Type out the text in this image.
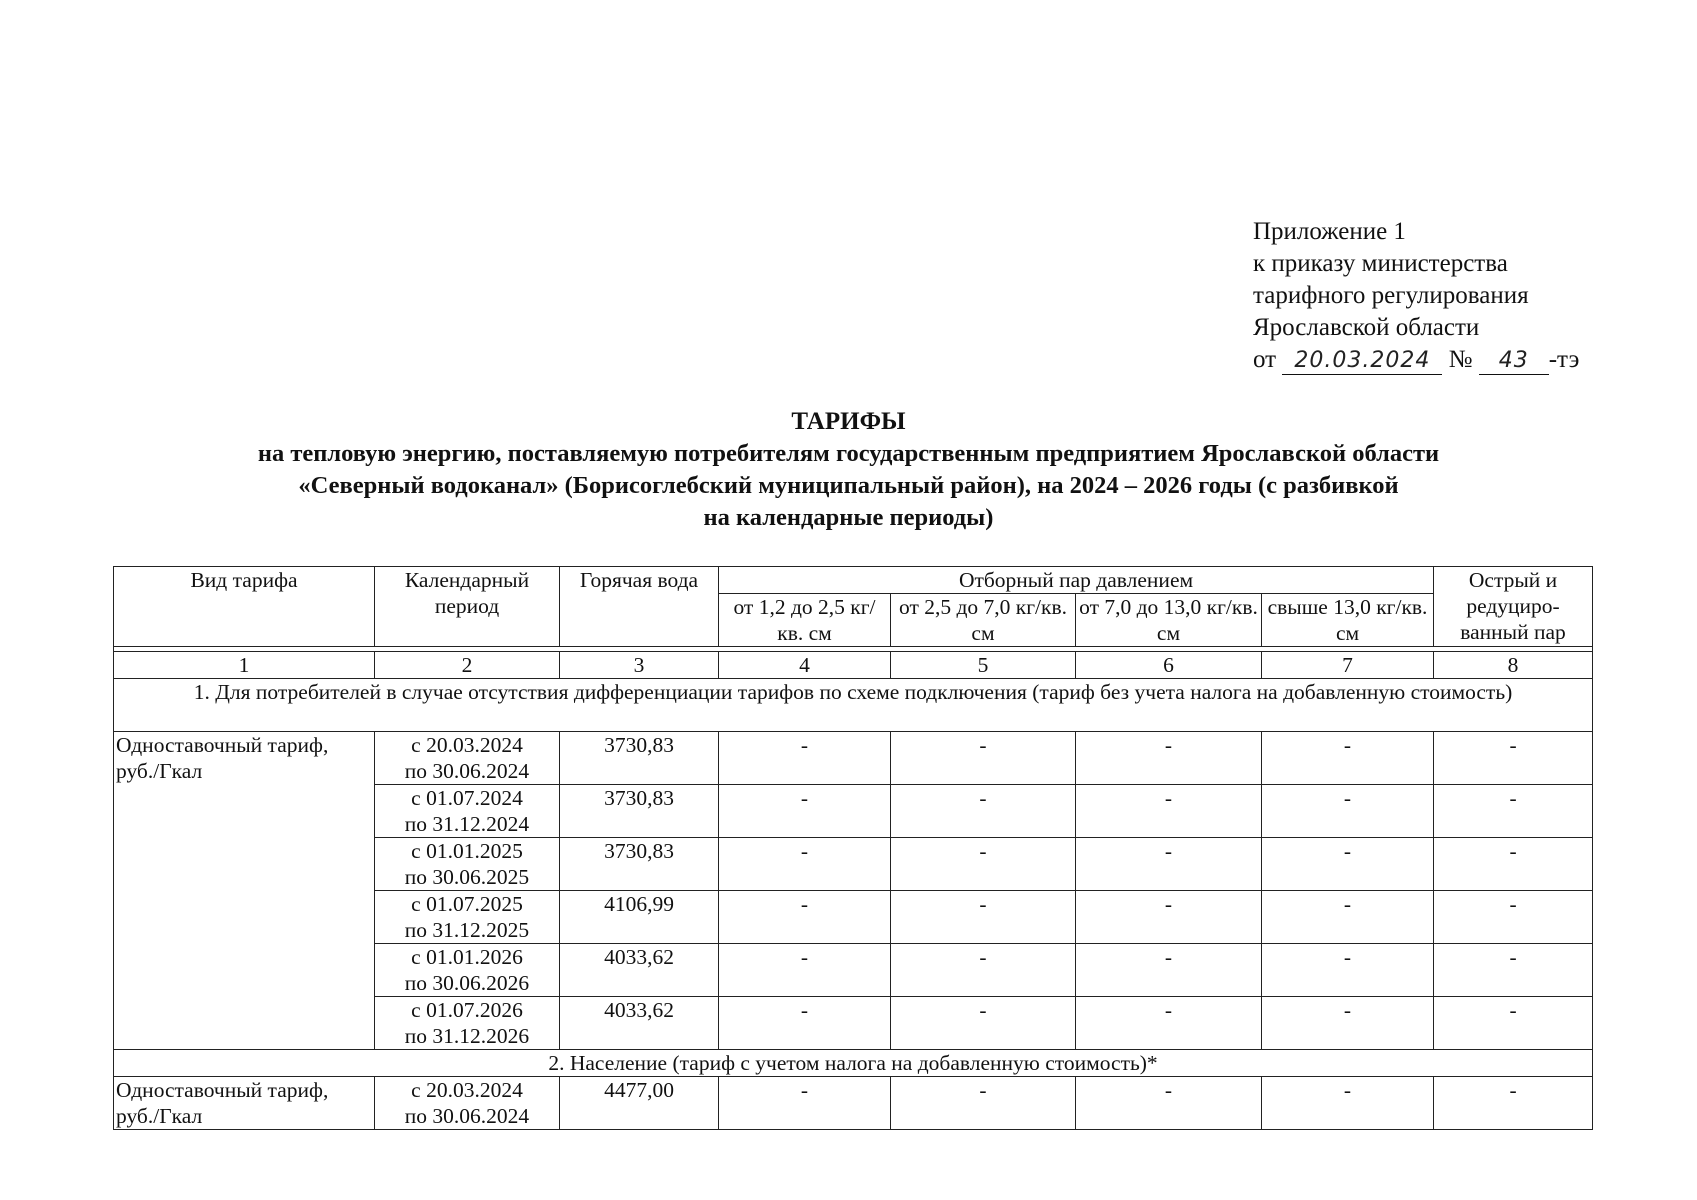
Приложение 1
к приказу министерства
тарифного регулирования
Ярославской области
от 20.03.2024 № 43 -тэ
ТАРИФЫ
на тепловую энергию, поставляемую потребителям государственным предприятием Ярославской области
«Северный водоканал» (Борисоглебский муниципальный район), на 2024 – 2026 годы (с разбивкой
на календарные периоды)
Вид тарифа	Календарный период	Горячая вода	Отборный пар давлением				Острый и редуциро-ванный пар
			от 1,2 до 2,5 кг/кв. см	от 2,5 до 7,0 кг/кв. см	от 7,0 до 13,0 кг/кв. см	свыше 13,0 кг/кв. см	

1	2	3	4	5	6	7	8
1. Для потребителей в случае отсутствия дифференциации тарифов по схеме подключения (тариф без учета налога на добавленную стоимость)							
Одноставочный тариф, руб./Гкал	с 20.03.2024
по 30.06.2024	3730,83	-	-	-	-	-

	с 01.07.2024
по 31.12.2024	3730,83	-	-	-	-	-

	с 01.01.2025
по 30.06.2025	3730,83	-	-	-	-	-

	с 01.07.2025
по 31.12.2025	4106,99	-	-	-	-	-

	с 01.01.2026
по 30.06.2026	4033,62	-	-	-	-	-

	с 01.07.2026
по 31.12.2026	4033,62	-	-	-	-	-
2. Население (тариф с учетом налога на добавленную стоимость)*							
Одноставочный тариф, руб./Гкал	с 20.03.2024
по 30.06.2024	4477,00	-	-	-	-	-
